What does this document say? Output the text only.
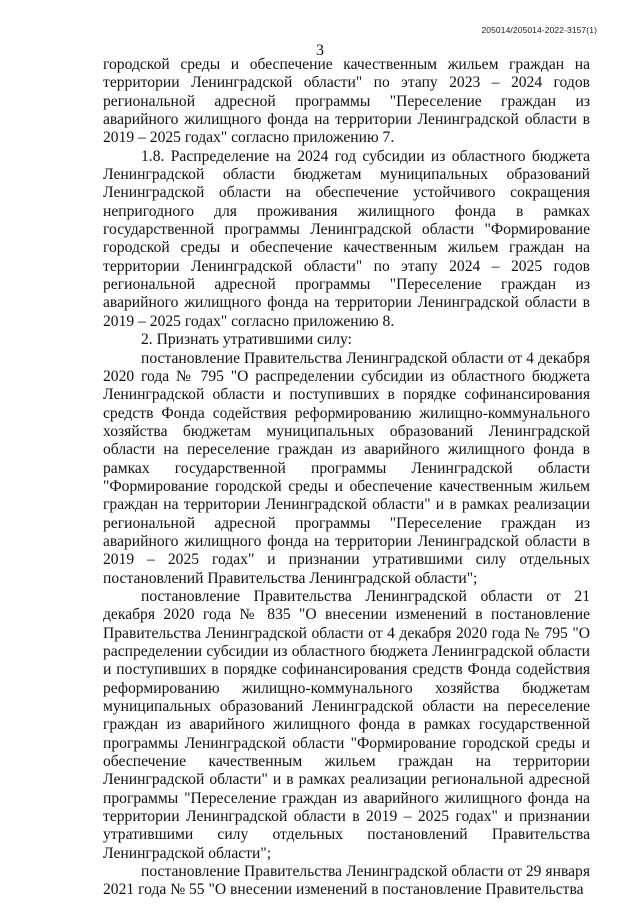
205014/205014-2022-3157(1)
3

городской среды и обеспечение качественным жильем граждан на территории Ленинградской области" по этапу 2023 – 2024 годов региональной адресной программы "Переселение граждан из аварийного жилищного фонда на территории Ленинградской области в 2019 – 2025 годах" согласно приложению 7.

1.8. Распределение на 2024 год субсидии из областного бюджета Ленинградской области бюджетам муниципальных образований Ленинградской области на обеспечение устойчивого сокращения непригодного для проживания жилищного фонда в рамках государственной программы Ленинградской области "Формирование городской среды и обеспечение качественным жильем граждан на территории Ленинградской области" по этапу 2024 – 2025 годов региональной адресной программы "Переселение граждан из аварийного жилищного фонда на территории Ленинградской области в 2019 – 2025 годах" согласно приложению 8.

2. Признать утратившими силу:

постановление Правительства Ленинградской области от 4 декабря 2020 года № 795 "О распределении субсидии из областного бюджета Ленинградской области и поступивших в порядке софинансирования средств Фонда содействия реформированию жилищно-коммунального хозяйства бюджетам муниципальных образований Ленинградской области на переселение граждан из аварийного жилищного фонда в рамках государственной программы Ленинградской области "Формирование городской среды и обеспечение качественным жильем граждан на территории Ленинградской области" и в рамках реализации региональной адресной программы "Переселение граждан из аварийного жилищного фонда на территории Ленинградской области в 2019 – 2025 годах" и признании утратившими силу отдельных постановлений Правительства Ленинградской области";

постановление Правительства Ленинградской области от 21 декабря 2020 года № 835 "О внесении изменений в постановление Правительства Ленинградской области от 4 декабря 2020 года № 795 "О распределении субсидии из областного бюджета Ленинградской области и поступивших в порядке софинансирования средств Фонда содействия реформированию жилищно-коммунального хозяйства бюджетам муниципальных образований Ленинградской области на переселение граждан из аварийного жилищного фонда в рамках государственной программы Ленинградской области "Формирование городской среды и обеспечение качественным жильем граждан на территории Ленинградской области" и в рамках реализации региональной адресной программы "Переселение граждан из аварийного жилищного фонда на территории Ленинградской области в 2019 – 2025 годах" и признании утратившими силу отдельных постановлений Правительства Ленинградской области";

постановление Правительства Ленинградской области от 29 января 2021 года № 55 "О внесении изменений в постановление Правительства
